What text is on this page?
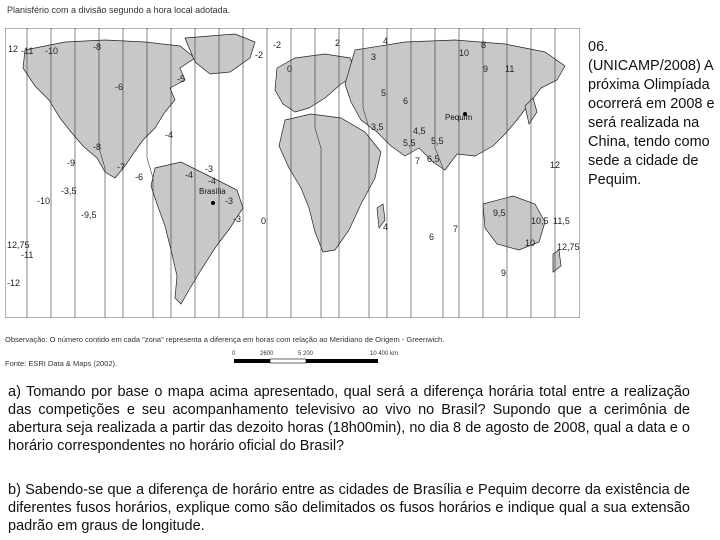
Planisfério com a divisão segundo a hora local adotada.
12 -11 -10	-8
-5
-6
-9	-7
-4
-3
-2
-3
2	4
3
0
8
10
9 11
5
6
3,5	4,5
5,5 5,5
6,5
7	12
-4
-3,5
-10
-9,5
-11
-12
-3
9,5
4
6
7
10
9
10,5 11,5
12,75
-2
0
-4
-6
-8
12,75
Brasília
Pequim
Observação: O número contido em cada "zona" representa a diferença em horas com relação ao Meridiano de Origem - Greenwich.
0	2600	5 200	10 400 km
Fonte: ESRI Data & Maps (2002).
06. (UNICAMP/2008) A próxima Olimpíada ocorrerá em 2008 e será realizada na China, tendo como sede a cidade de Pequim.
a) Tomando por base o mapa acima apresentado, qual será a diferença horária total entre a realização das competições e seu acompanhamento televisivo ao vivo no Brasil? Supondo que a cerimônia de abertura seja realizada a partir das dezoito horas (18h00min), no dia 8 de agosto de 2008, qual a data e o horário correspondentes no horário oficial do Brasil?
b) Sabendo-se que a diferença de horário entre as cidades de Brasília e Pequim decorre da existência de diferentes fusos horários, explique como são delimitados os fusos horários e indique qual a sua extensão padrão em graus de longitude.
